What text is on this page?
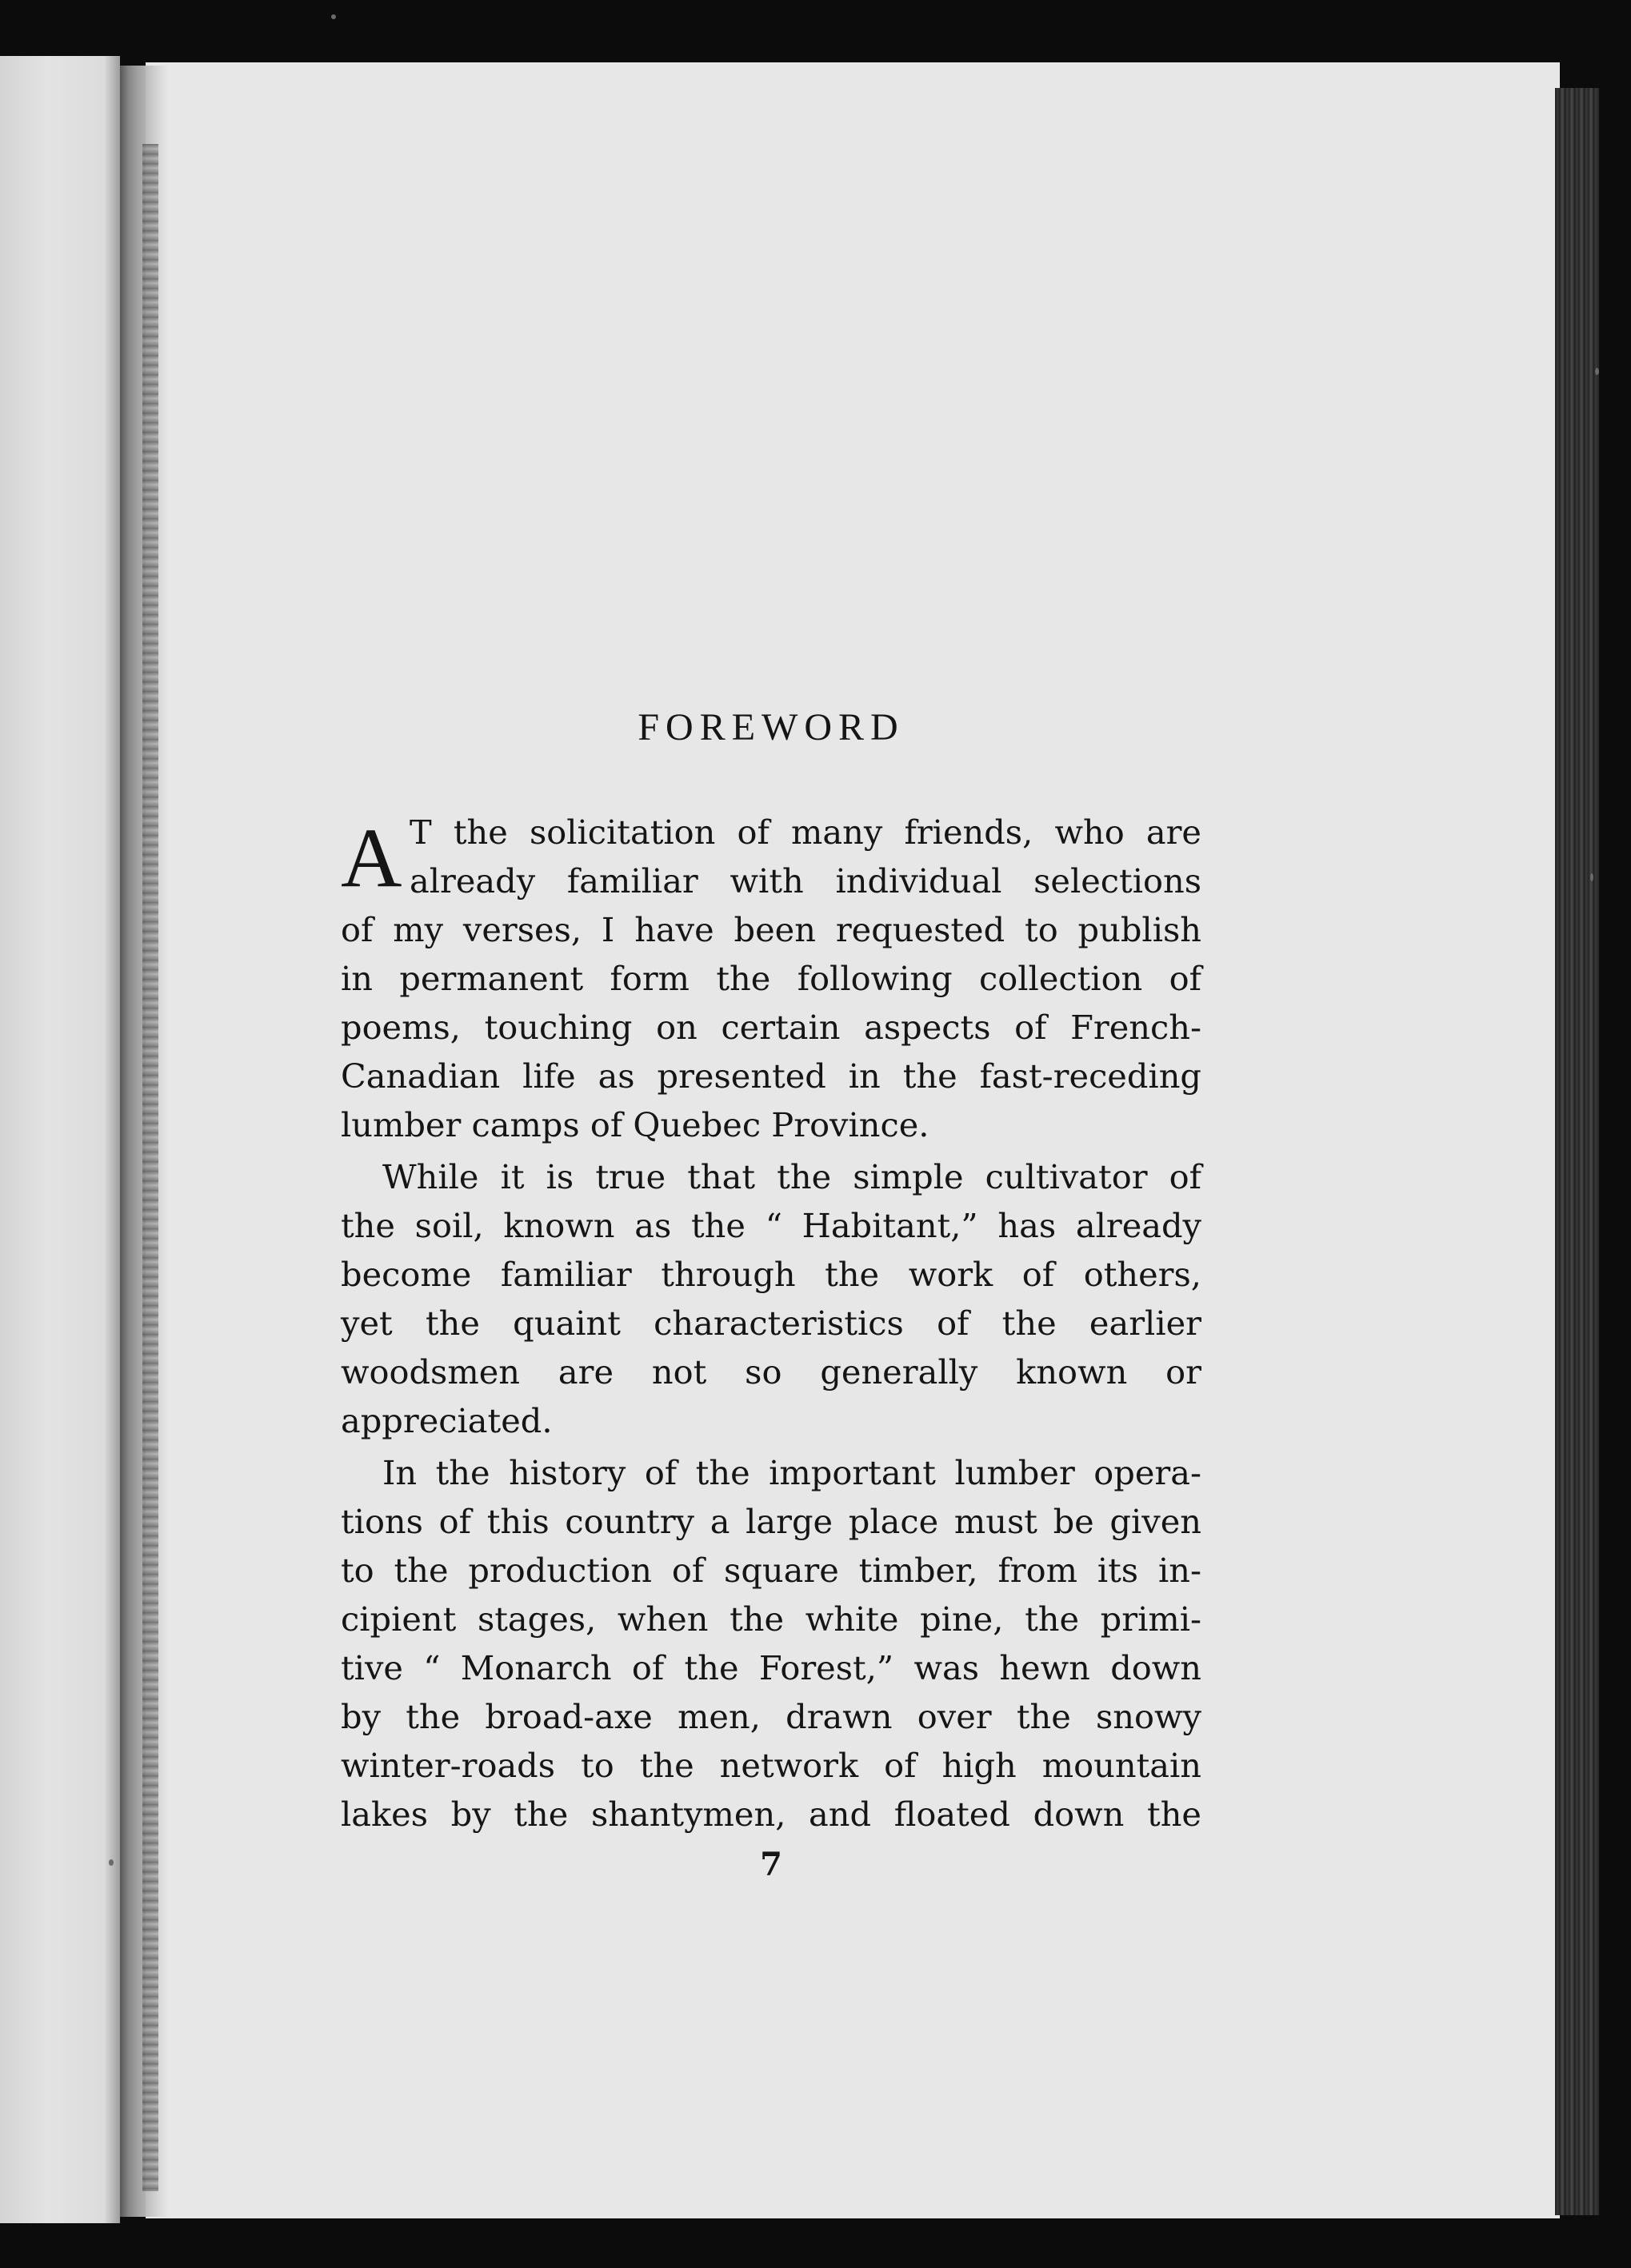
FOREWORD
A T the solicitation of many friends, who are
already familiar with individual selections
of my verses, I have been requested to publish
in permanent form the following collection of
poems, touching on certain aspects of French-
Canadian life as presented in the fast-receding
lumber camps of Quebec Province.
While it is true that the simple cultivator of
the soil, known as the “ Habitant,” has already
become familiar through the work of others,
yet the quaint characteristics of the earlier
woodsmen are not so generally known or
appreciated.
In the history of the important lumber opera-
tions of this country a large place must be given
to the production of square timber, from its in-
cipient stages, when the white pine, the primi-
tive “ Monarch of the Forest,” was hewn down
by the broad-axe men, drawn over the snowy
winter-roads to the network of high mountain
lakes by the shantymen, and floated down the

7
